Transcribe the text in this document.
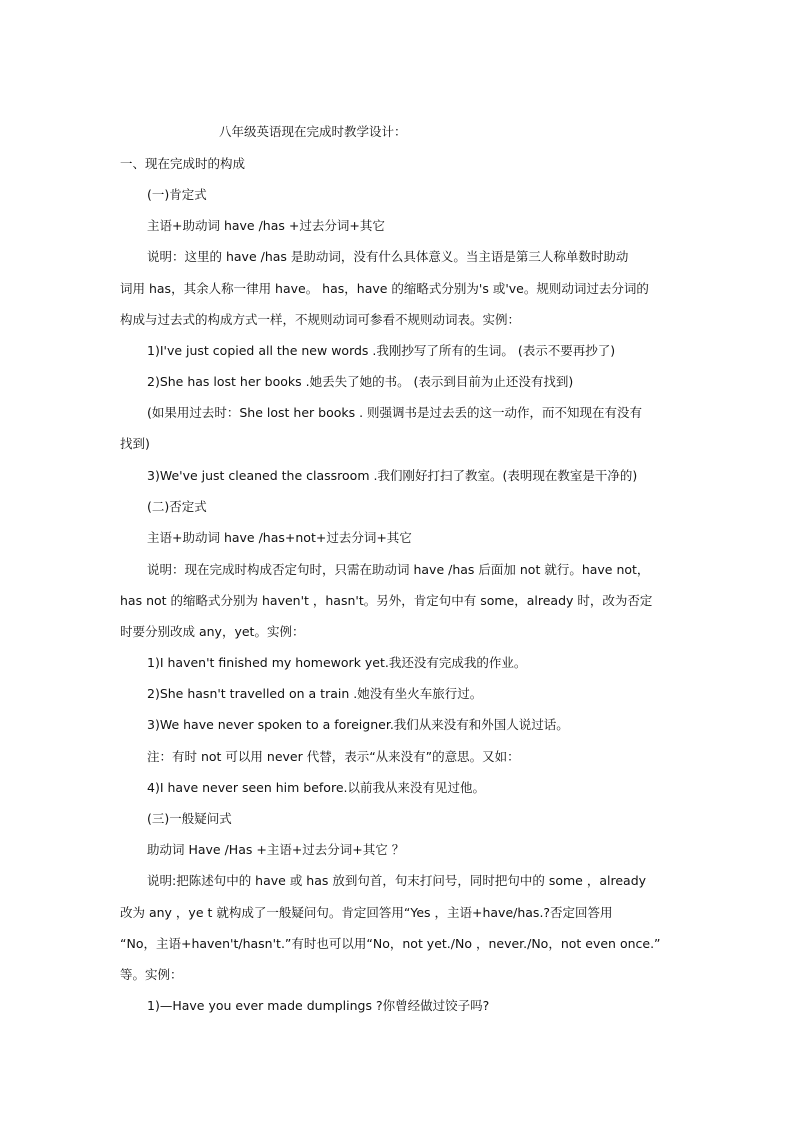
八年级英语现在完成时教学设计：
一、现在完成时的构成
(一)肯定式
主语+助动词 have /has +过去分词+其它
说明：这里的 have /has 是助动词，没有什么具体意义。当主语是第三人称单数时助动
词用 has，其余人称一律用 have。 has，have 的缩略式分别为's 或've。规则动词过去分词的
构成与过去式的构成方式一样，不规则动词可参看不规则动词表。实例：
1)I've just copied all the new words .我刚抄写了所有的生词。 (表示不要再抄了)
2)She has lost her books .她丢失了她的书。 (表示到目前为止还没有找到)
(如果用过去时：She lost her books . 则强调书是过去丢的这一动作，而不知现在有没有
找到)
3)We've just cleaned the classroom .我们刚好打扫了教室。(表明现在教室是干净的)
(二)否定式
主语+助动词 have /has+not+过去分词+其它
说明：现在完成时构成否定句时，只需在助动词 have /has 后面加 not 就行。have not，
has not 的缩略式分别为 haven't ，hasn't。另外，肯定句中有 some，already 时，改为否定
时要分别改成 any，yet。实例：
1)I haven't finished my homework yet.我还没有完成我的作业。
2)She hasn't travelled on a train .她没有坐火车旅行过。
3)We have never spoken to a foreigner.我们从来没有和外国人说过话。
注：有时 not 可以用 never 代替，表示“从来没有”的意思。又如：
4)I have never seen him before.以前我从来没有见过他。
(三)一般疑问式
助动词 Have /Has +主语+过去分词+其它 ？
说明:把陈述句中的 have 或 has 放到句首，句末打问号，同时把句中的 some ，already
改为 any ，ye t 就构成了一般疑问句。肯定回答用“Yes ，主语+have/has.?否定回答用
“No，主语+haven't/hasn't.”有时也可以用“No，not yet./No ，never./No，not even once.”
等。实例：
1)—Have you ever made dumplings ?你曾经做过饺子吗?
